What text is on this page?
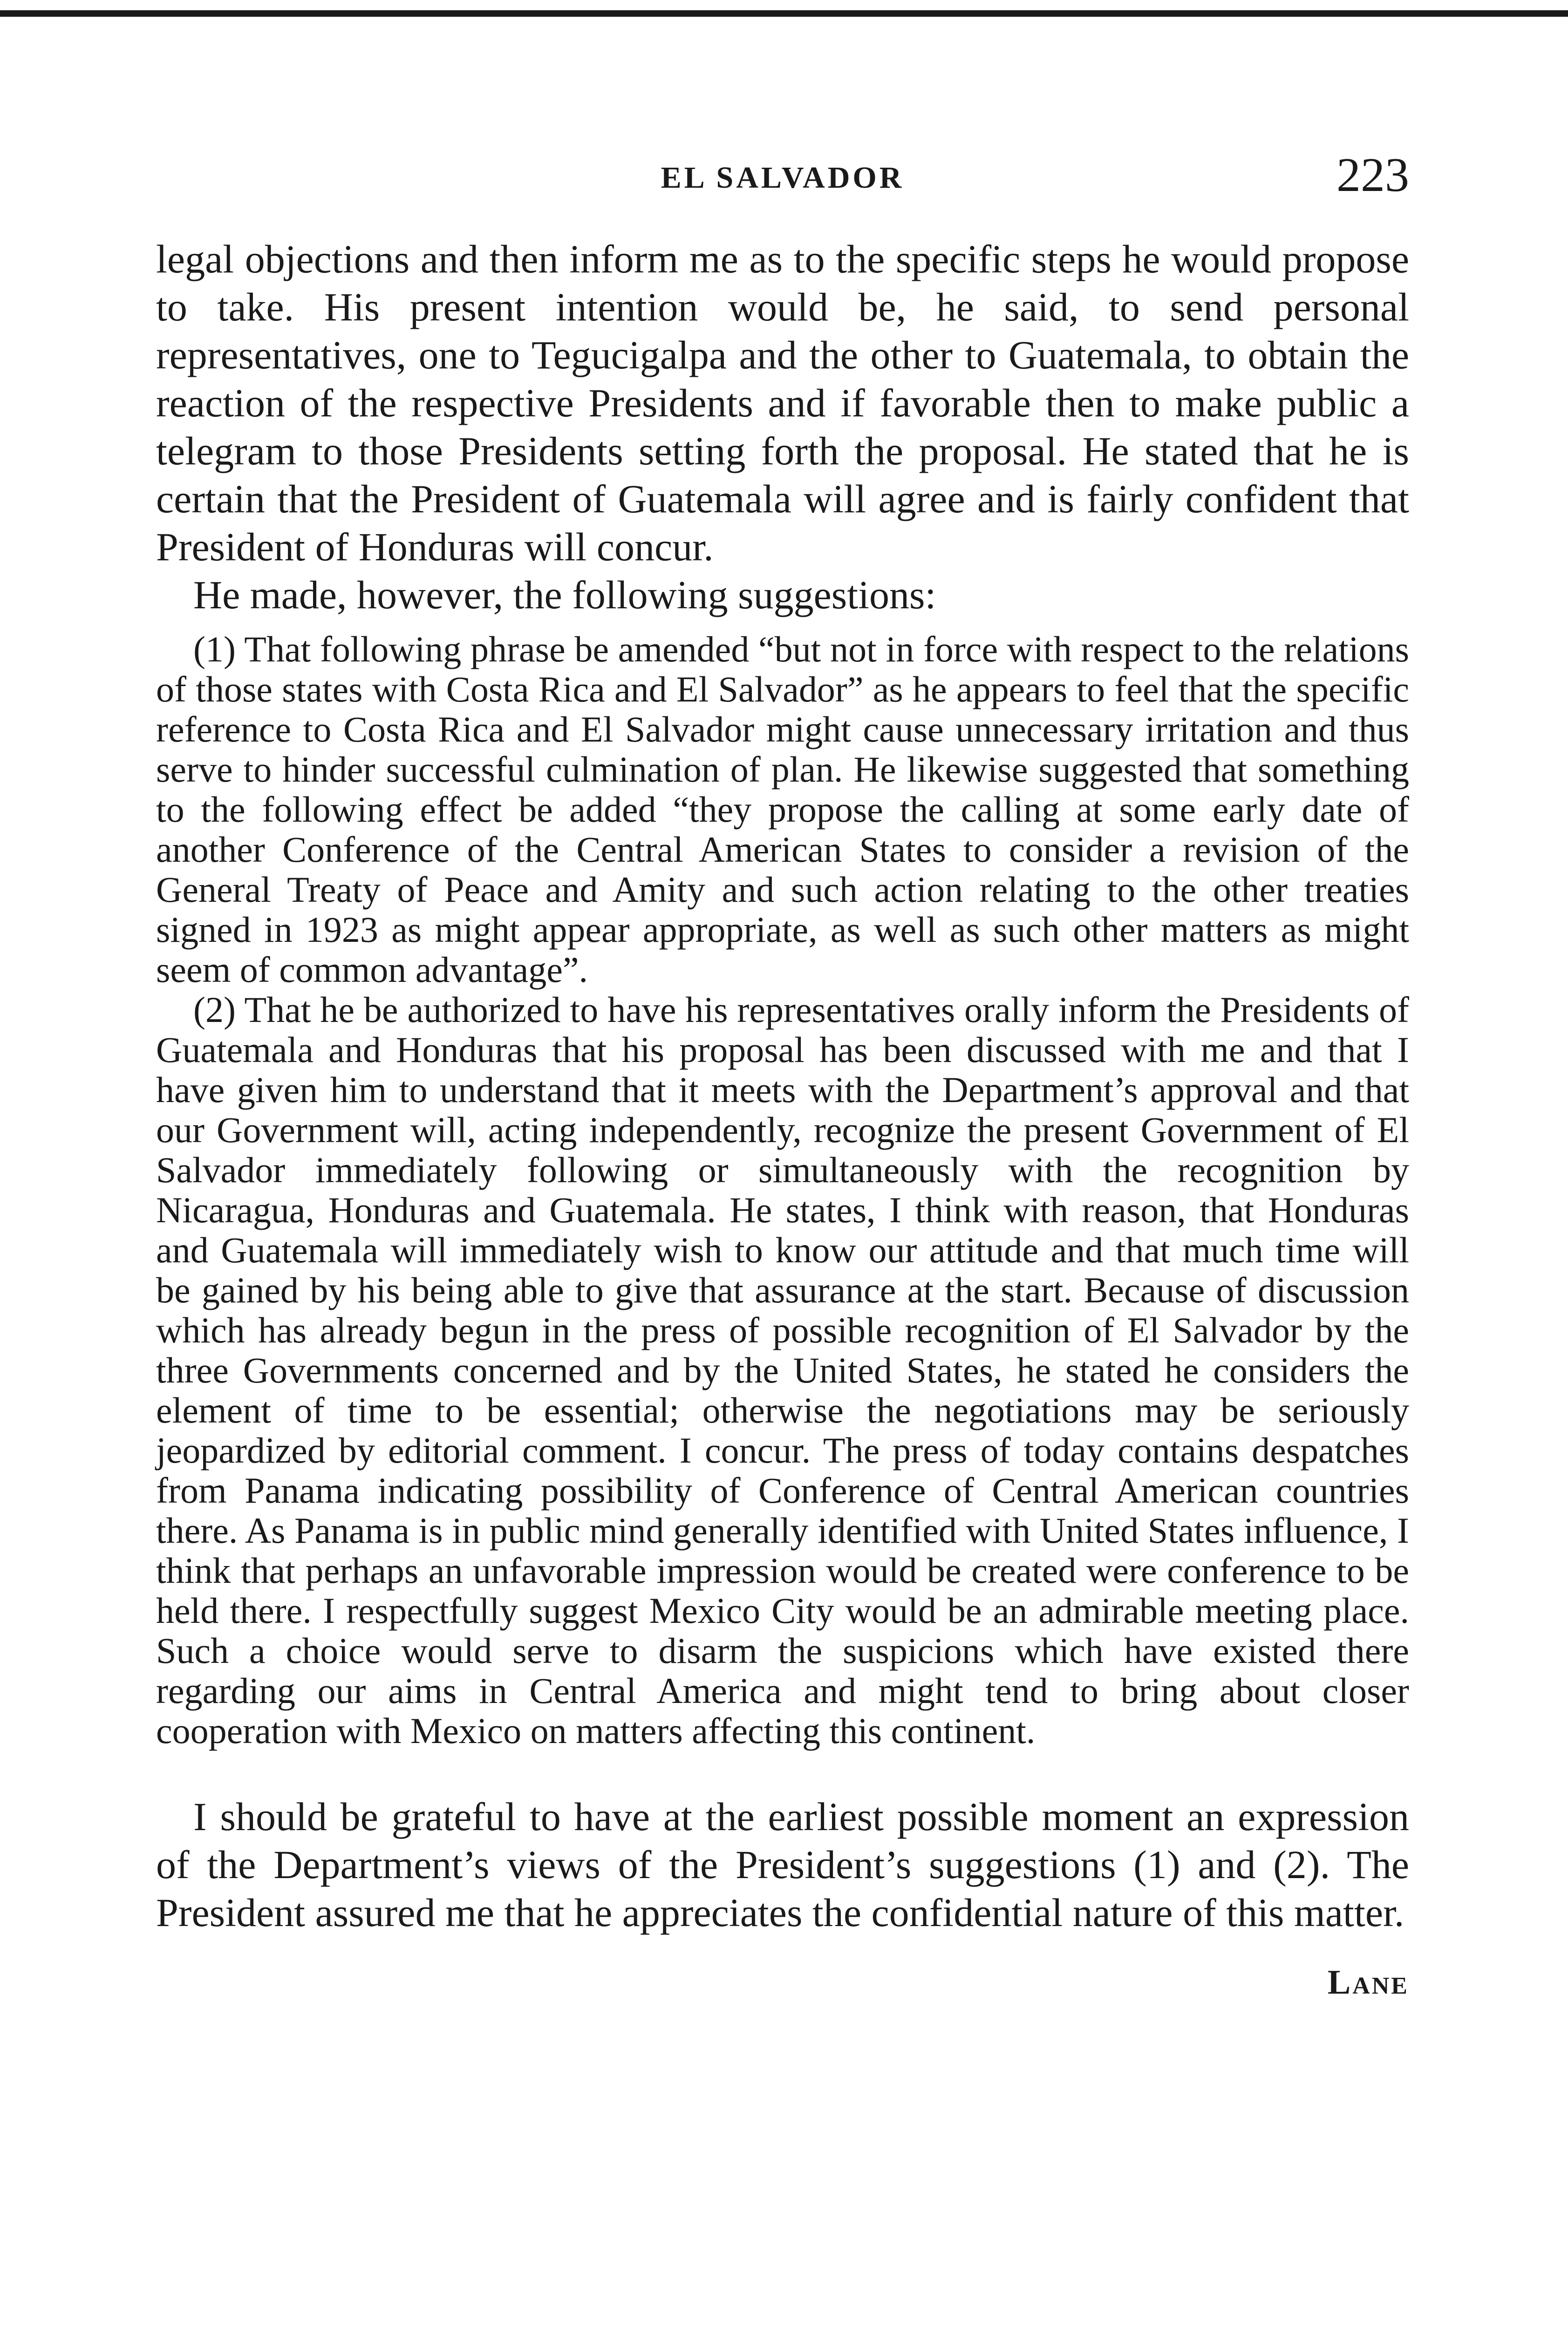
EL SALVADOR	223

legal objections and then inform me as to the specific steps he would propose to take. His present intention would be, he said, to send personal representatives, one to Tegucigalpa and the other to Guatemala, to obtain the reaction of the respective Presidents and if favorable then to make public a telegram to those Presidents setting forth the proposal. He stated that he is certain that the President of Guatemala will agree and is fairly confident that President of Honduras will concur.

He made, however, the following suggestions:

(1) That following phrase be amended “but not in force with respect to the relations of those states with Costa Rica and El Salvador” as he appears to feel that the specific reference to Costa Rica and El Salvador might cause unnecessary irritation and thus serve to hinder successful culmination of plan. He likewise suggested that something to the following effect be added “they propose the calling at some early date of another Conference of the Central American States to consider a revision of the General Treaty of Peace and Amity and such action relating to the other treaties signed in 1923 as might appear appropriate, as well as such other matters as might seem of common advantage”.

(2) That he be authorized to have his representatives orally inform the Presidents of Guatemala and Honduras that his proposal has been discussed with me and that I have given him to understand that it meets with the Department’s approval and that our Government will, acting independently, recognize the present Government of El Salvador immediately following or simultaneously with the recognition by Nicaragua, Honduras and Guatemala. He states, I think with reason, that Honduras and Guatemala will immediately wish to know our attitude and that much time will be gained by his being able to give that assurance at the start. Because of discussion which has already begun in the press of possible recognition of El Salvador by the three Governments concerned and by the United States, he stated he considers the element of time to be essential; otherwise the negotiations may be seriously jeopardized by editorial comment. I concur. The press of today contains despatches from Panama indicating possibility of Conference of Central American countries there. As Panama is in public mind generally identified with United States influence, I think that perhaps an unfavorable impression would be created were conference to be held there. I respectfully suggest Mexico City would be an admirable meeting place. Such a choice would serve to disarm the suspicions which have existed there regarding our aims in Central America and might tend to bring about closer cooperation with Mexico on matters affecting this continent.

I should be grateful to have at the earliest possible moment an expression of the Department’s views of the President’s suggestions (1) and (2). The President assured me that he appreciates the confidential nature of this matter.

Lane
